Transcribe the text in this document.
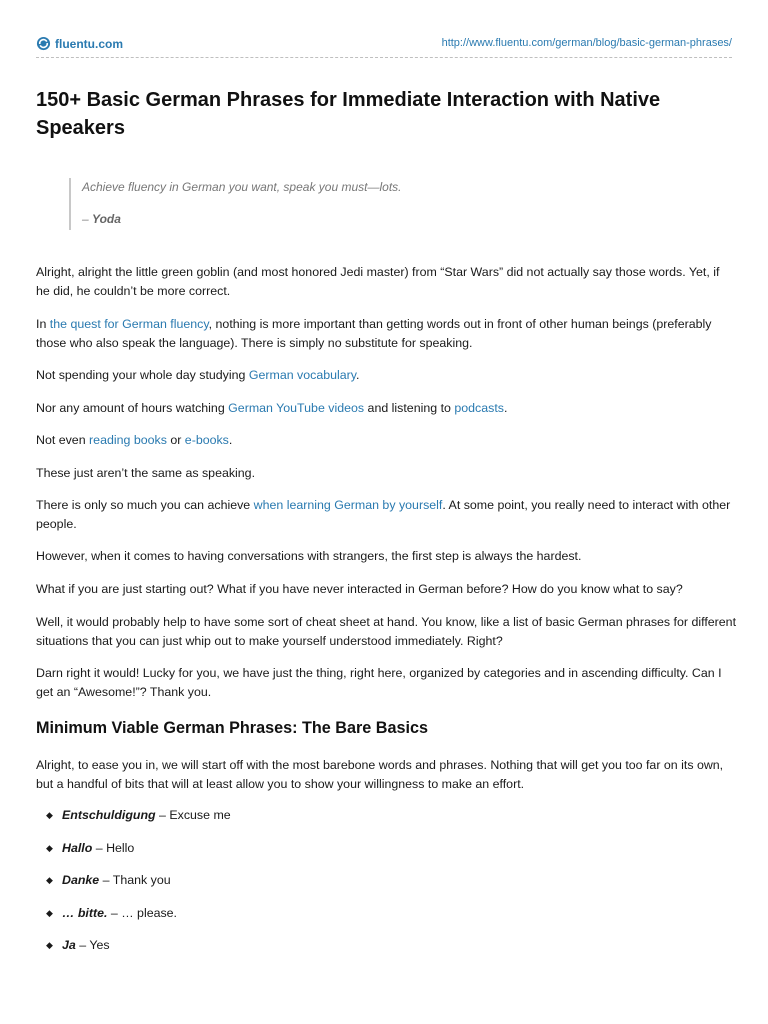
fluentu.com	http://www.fluentu.com/german/blog/basic-german-phrases/
150+ Basic German Phrases for Immediate Interaction with Native Speakers
Achieve fluency in German you want, speak you must—lots.
– Yoda

Alright, alright the little green goblin (and most honored Jedi master) from “Star Wars” did not actually say those words. Yet, if he did, he couldn’t be more correct.

In the quest for German fluency, nothing is more important than getting words out in front of other human beings (preferably those who also speak the language). There is simply no substitute for speaking.

Not spending your whole day studying German vocabulary.

Nor any amount of hours watching German YouTube videos and listening to podcasts.

Not even reading books or e-books.

These just aren’t the same as speaking.

There is only so much you can achieve when learning German by yourself. At some point, you really need to interact with other people.

However, when it comes to having conversations with strangers, the first step is always the hardest.

What if you are just starting out? What if you have never interacted in German before? How do you know what to say?

Well, it would probably help to have some sort of cheat sheet at hand. You know, like a list of basic German phrases for different situations that you can just whip out to make yourself understood immediately. Right?

Darn right it would! Lucky for you, we have just the thing, right here, organized by categories and in ascending difficulty. Can I get an “Awesome!”? Thank you.

Minimum Viable German Phrases: The Bare Basics

Alright, to ease you in, we will start off with the most barebone words and phrases. Nothing that will get you too far on its own, but a handful of bits that will at least allow you to show your willingness to make an effort.

◆ Entschuldigung – Excuse me
◆ Hallo – Hello
◆ Danke – Thank you
◆ … bitte. – … please.
◆ Ja – Yes
